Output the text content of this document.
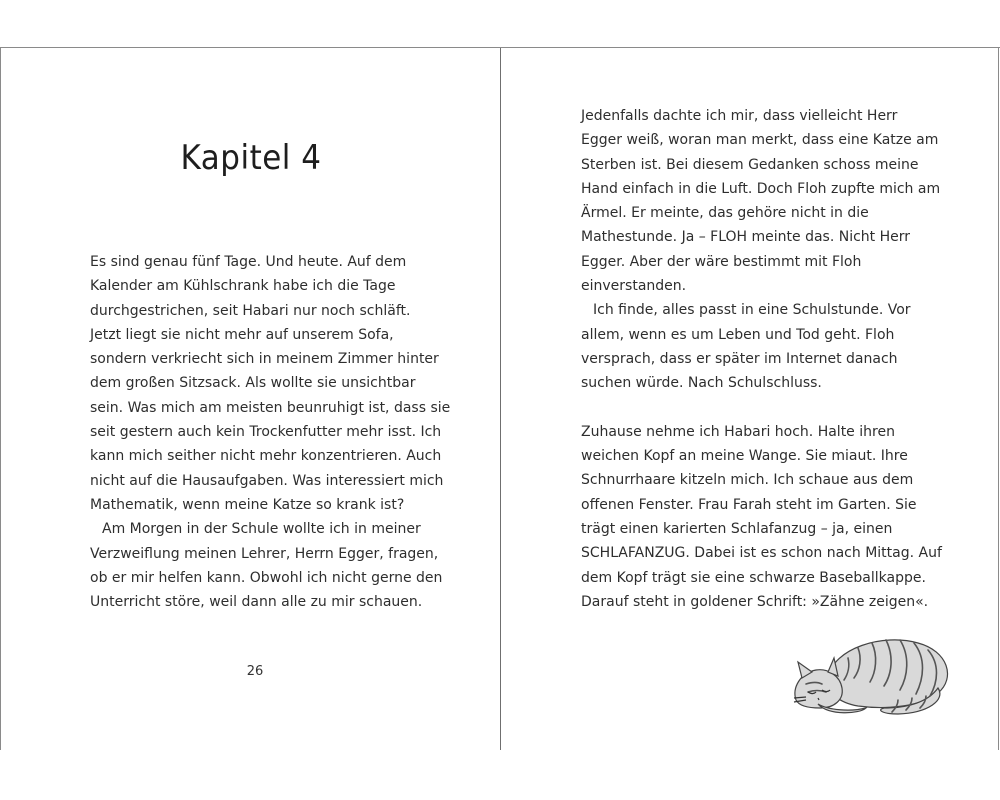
Kapitel 4
Es sind genau fünf Tage. Und heute. Auf dem
Kalender am Kühlschrank habe ich die Tage
durchgestrichen, seit Habari nur noch schläft.
Jetzt liegt sie nicht mehr auf unserem Sofa,
sondern verkriecht sich in meinem Zimmer hinter
dem großen Sitzsack. Als wollte sie unsichtbar
sein. Was mich am meisten beunruhigt ist, dass sie
seit gestern auch kein Trockenfutter mehr isst. Ich
kann mich seither nicht mehr konzentrieren. Auch
nicht auf die Hausaufgaben. Was interessiert mich
Mathematik, wenn meine Katze so krank ist?
Am Morgen in der Schule wollte ich in meiner
Verzweiflung meinen Lehrer, Herrn Egger, fragen,
ob er mir helfen kann. Obwohl ich nicht gerne den
Unterricht störe, weil dann alle zu mir schauen.
26
Jedenfalls dachte ich mir, dass vielleicht Herr
Egger weiß, woran man merkt, dass eine Katze am
Sterben ist. Bei diesem Gedanken schoss meine
Hand einfach in die Luft. Doch Floh zupfte mich am
Ärmel. Er meinte, das gehöre nicht in die
Mathestunde. Ja – FLOH meinte das. Nicht Herr
Egger. Aber der wäre bestimmt mit Floh
einverstanden.
Ich finde, alles passt in eine Schulstunde. Vor
allem, wenn es um Leben und Tod geht. Floh
versprach, dass er später im Internet danach
suchen würde. Nach Schulschluss.
Zuhause nehme ich Habari hoch. Halte ihren
weichen Kopf an meine Wange. Sie miaut. Ihre
Schnurrhaare kitzeln mich. Ich schaue aus dem
offenen Fenster. Frau Farah steht im Garten. Sie
trägt einen karierten Schlafanzug – ja, einen
SCHLAFANZUG. Dabei ist es schon nach Mittag. Auf
dem Kopf trägt sie eine schwarze Baseballkappe.
Darauf steht in goldener Schrift: »Zähne zeigen«.
